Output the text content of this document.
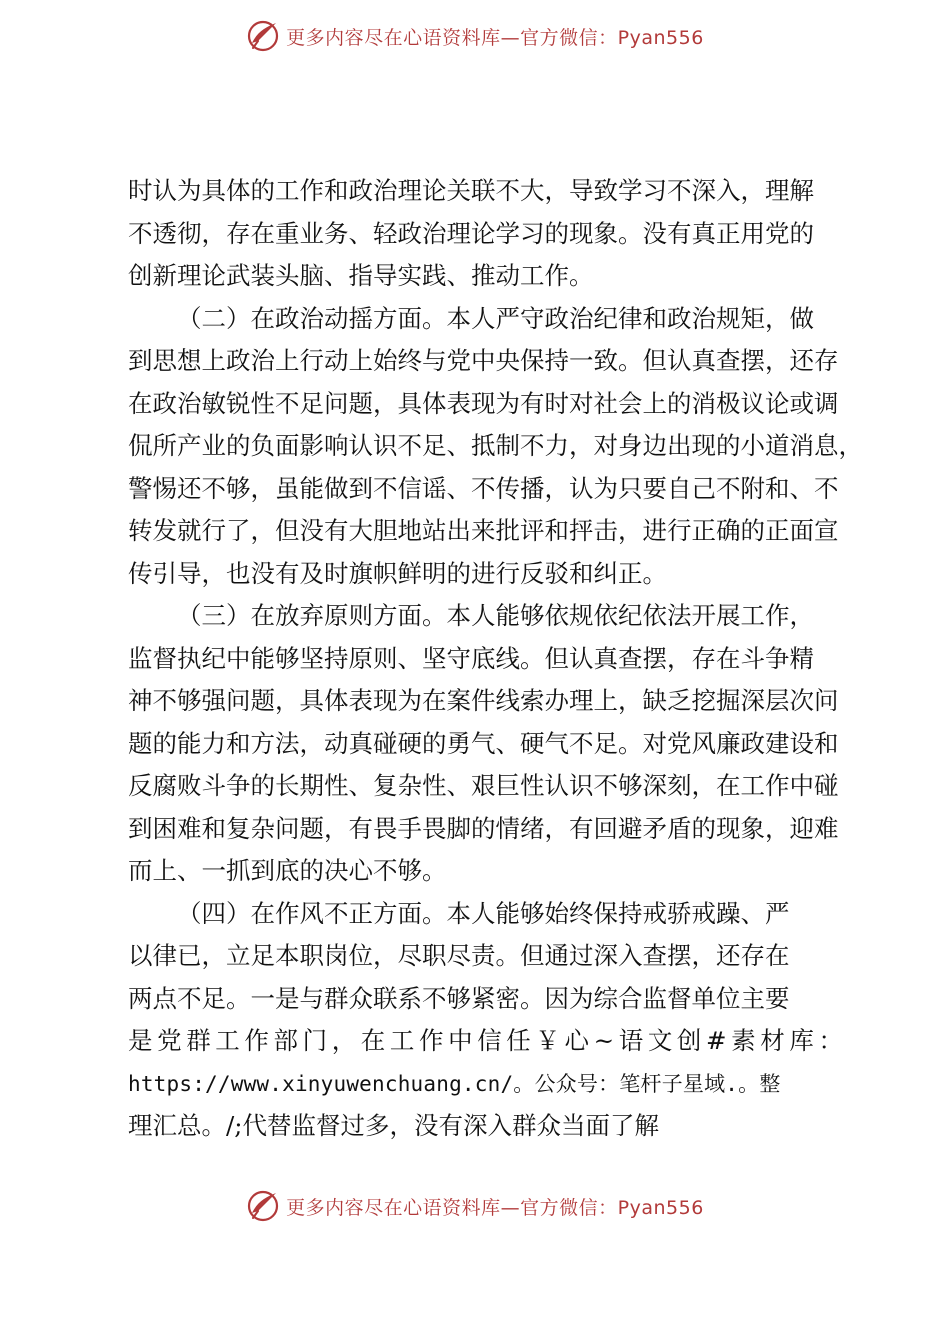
更多内容尽在心语资料库—官方微信：Pyan556
时认为具体的工作和政治理论关联不大，导致学习不深入，理解
不透彻，存在重业务、轻政治理论学习的现象。没有真正用党的
创新理论武装头脑、指导实践、推动工作。
（二）在政治动摇方面。本人严守政治纪律和政治规矩，做
到思想上政治上行动上始终与党中央保持一致。但认真查摆，还存
在政治敏锐性不足问题，具体表现为有时对社会上的消极议论或调
侃所产业的负面影响认识不足、抵制不力，对身边出现的小道消息，
警惕还不够，虽能做到不信谣、不传播，认为只要自己不附和、不
转发就行了，但没有大胆地站出来批评和抨击，进行正确的正面宣
传引导，也没有及时旗帜鲜明的进行反驳和纠正。
（三）在放弃原则方面。本人能够依规依纪依法开展工作，
监督执纪中能够坚持原则、坚守底线。但认真查摆，存在斗争精
神不够强问题，具体表现为在案件线索办理上，缺乏挖掘深层次问
题的能力和方法，动真碰硬的勇气、硬气不足。对党风廉政建设和
反腐败斗争的长期性、复杂性、艰巨性认识不够深刻，在工作中碰
到困难和复杂问题，有畏手畏脚的情绪，有回避矛盾的现象，迎难
而上、一抓到底的决心不够。
（四）在作风不正方面。本人能够始终保持戒骄戒躁、严
以律已，立足本职岗位，尽职尽责。但通过深入查摆，还存在
两点不足。一是与群众联系不够紧密。因为综合监督单位主要
是党群工作部门，在工作中信任￥心~语文创#素材库：
https://www.xinyuwenchuang.cn/。公众号：笔杆子星域.。整
理汇总。/;代替监督过多，没有深入群众当面了解
更多内容尽在心语资料库—官方微信：Pyan556
